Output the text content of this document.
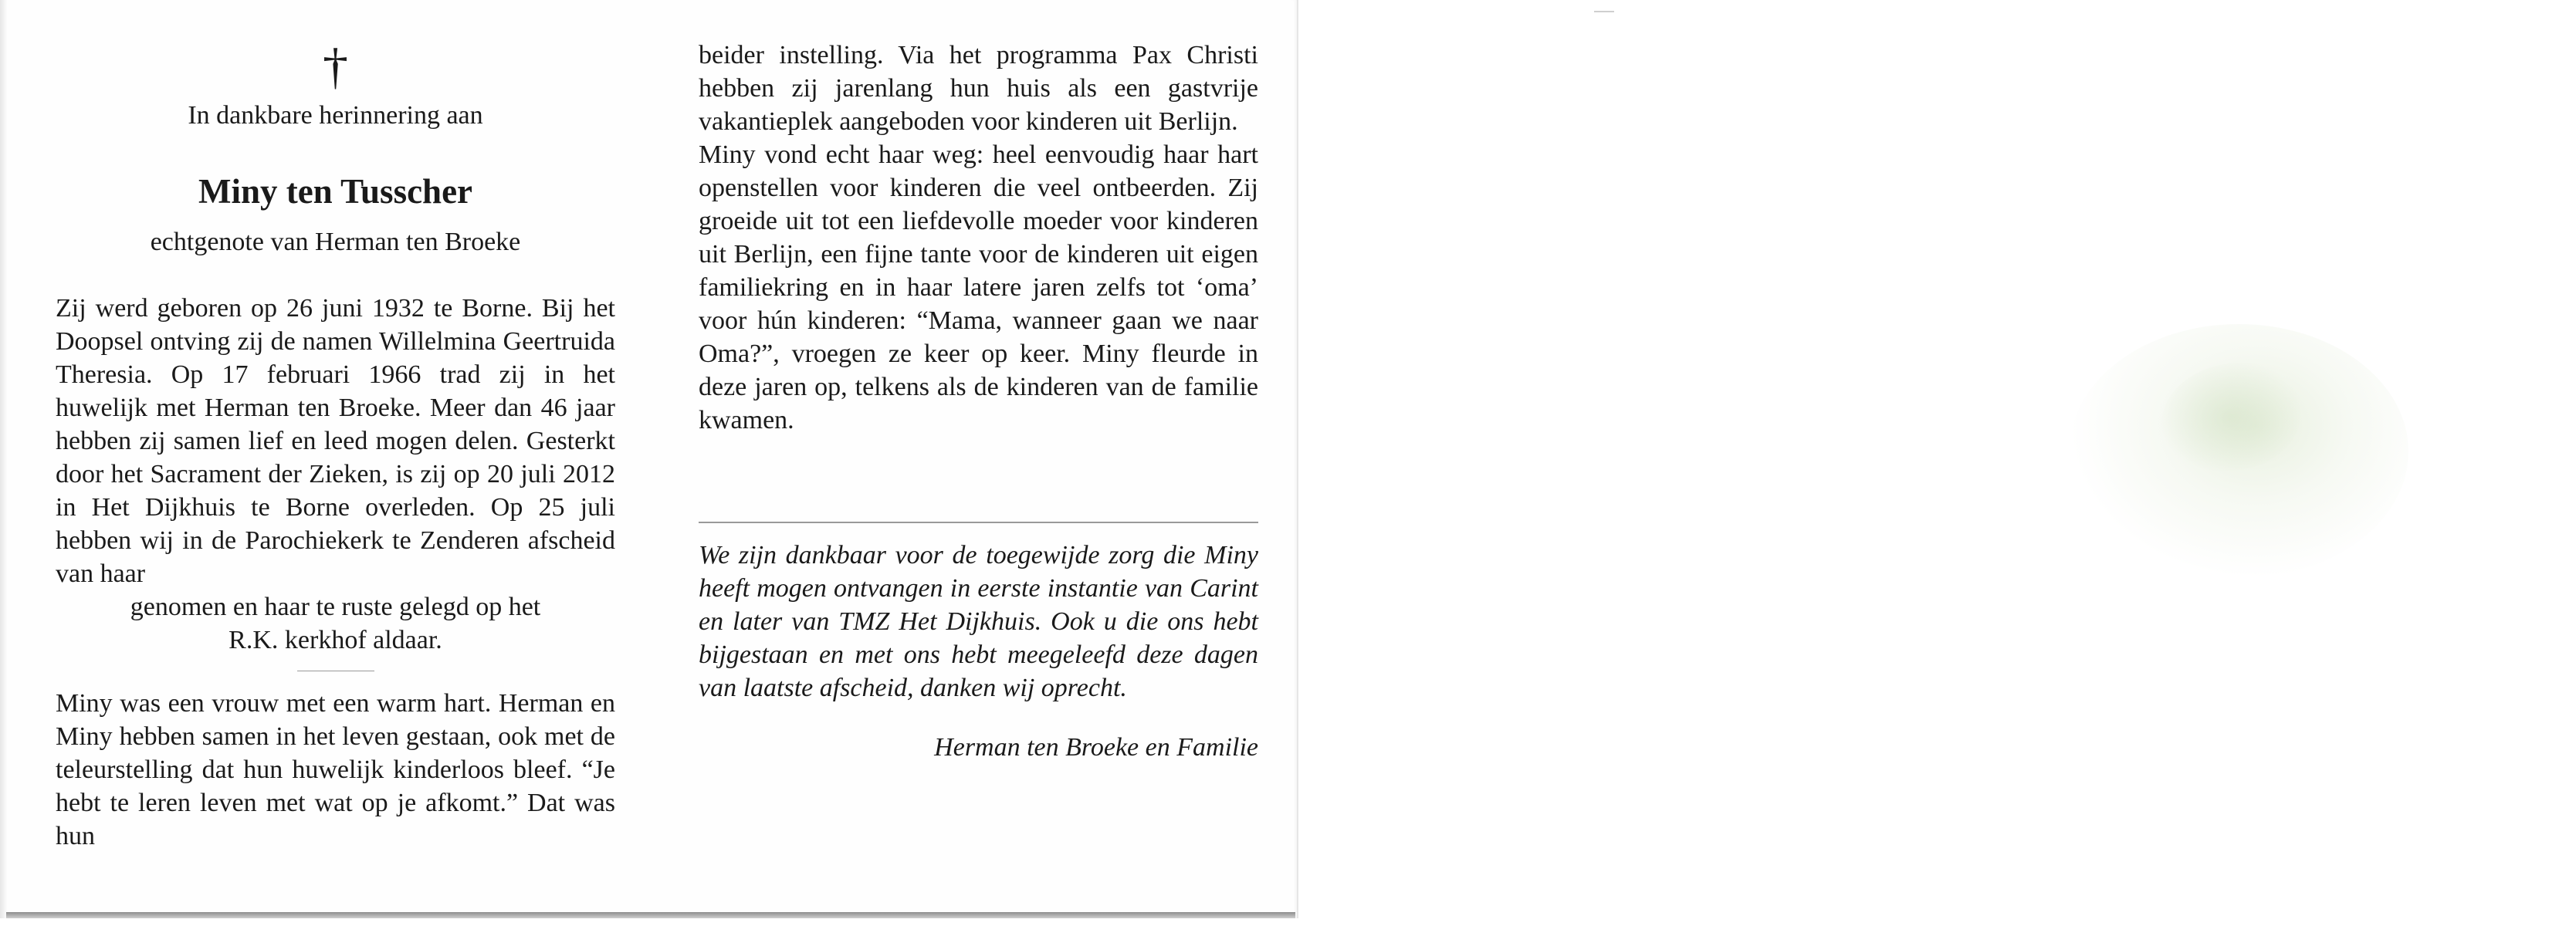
†
In dankbare herinnering aan
Miny ten Tusscher
echtgenote van Herman ten Broeke

Zij werd geboren op 26 juni 1932 te Borne. Bij het Doopsel ontving zij de namen Willelmina Geertruida Theresia. Op 17 februari 1966 trad zij in het huwelijk met Herman ten Broeke. Meer dan 46 jaar hebben zij samen lief en leed mogen delen. Gesterkt door het Sacrament der Zieken, is zij op 20 juli 2012 in Het Dijkhuis te Borne overleden. Op 25 juli hebben wij in de Parochiekerk te Zenderen afscheid van haar

genomen en haar te ruste gelegd op het

R.K. kerkhof aldaar.

Miny was een vrouw met een warm hart. Herman en Miny hebben samen in het leven gestaan, ook met de teleurstelling dat hun huwelijk kinderloos bleef. “Je hebt te leren leven met wat op je afkomt.” Dat was hun

beider instelling. Via het programma Pax Christi hebben zij jarenlang hun huis als een gastvrije vakantieplek aangeboden voor kinderen uit Berlijn.

Miny vond echt haar weg: heel eenvoudig haar hart openstellen voor kinderen die veel ontbeerden. Zij groeide uit tot een liefdevolle moeder voor kinderen uit Berlijn, een fijne tante voor de kinderen uit eigen familiekring en in haar latere jaren zelfs tot ‘oma’ voor hún kinderen: “Mama, wanneer gaan we naar Oma?”, vroegen ze keer op keer. Miny fleurde in deze jaren op, telkens als de kinderen van de familie kwamen.

We zijn dankbaar voor de toegewijde zorg die Miny heeft mogen ontvangen in eerste instantie van Carint en later van TMZ Het Dijkhuis. Ook u die ons hebt bijgestaan en met ons hebt meegeleefd deze dagen van laatste afscheid, danken wij oprecht.

Herman ten Broeke en Familie
